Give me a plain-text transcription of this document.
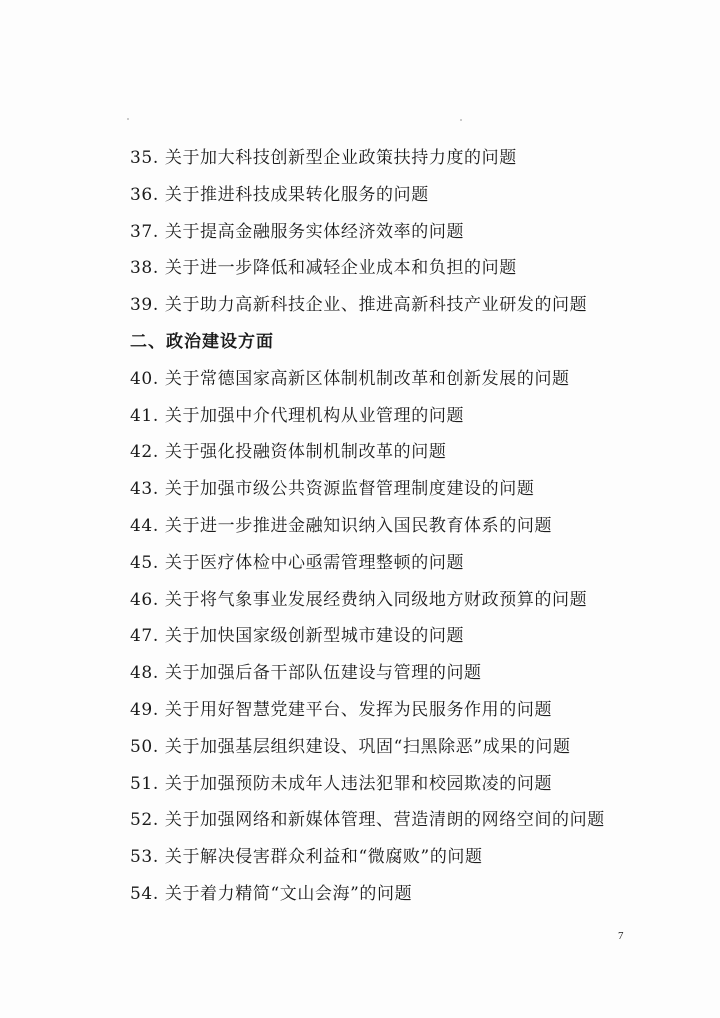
35. 关于加大科技创新型企业政策扶持力度的问题
36. 关于推进科技成果转化服务的问题
37. 关于提高金融服务实体经济效率的问题
38. 关于进一步降低和减轻企业成本和负担的问题
39. 关于助力高新科技企业、推进高新科技产业研发的问题
二、政治建设方面
40. 关于常德国家高新区体制机制改革和创新发展的问题
41. 关于加强中介代理机构从业管理的问题
42. 关于强化投融资体制机制改革的问题
43. 关于加强市级公共资源监督管理制度建设的问题
44. 关于进一步推进金融知识纳入国民教育体系的问题
45. 关于医疗体检中心亟需管理整顿的问题
46. 关于将气象事业发展经费纳入同级地方财政预算的问题
47. 关于加快国家级创新型城市建设的问题
48. 关于加强后备干部队伍建设与管理的问题
49. 关于用好智慧党建平台、发挥为民服务作用的问题
50. 关于加强基层组织建设、巩固“扫黑除恶”成果的问题
51. 关于加强预防未成年人违法犯罪和校园欺凌的问题
52. 关于加强网络和新媒体管理、营造清朗的网络空间的问题
53. 关于解决侵害群众利益和“微腐败”的问题
54. 关于着力精简“文山会海”的问题
7
